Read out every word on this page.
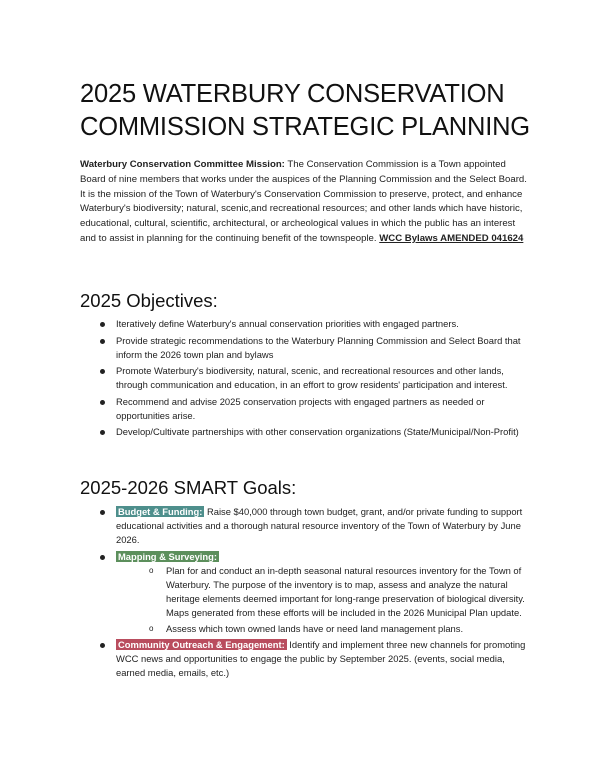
2025 WATERBURY CONSERVATION COMMISSION STRATEGIC PLANNING

Waterbury Conservation Committee Mission: The Conservation Commission is a Town appointed Board of nine members that works under the auspices of the Planning Commission and the Select Board. It is the mission of the Town of Waterbury's Conservation Commission to preserve, protect, and enhance Waterbury's biodiversity; natural, scenic,and recreational resources; and other lands which have historic, educational, cultural, scientific, architectural, or archeological values in which the public has an interest and to assist in planning for the continuing benefit of the townspeople. WCC Bylaws AMENDED 041624

2025 Objectives:
Iteratively define Waterbury's annual conservation priorities with engaged partners.
Provide strategic recommendations to the Waterbury Planning Commission and Select Board that inform the 2026 town plan and bylaws
Promote Waterbury's biodiversity, natural, scenic, and recreational resources and other lands, through communication and education, in an effort to grow residents' participation and interest.
Recommend and advise 2025 conservation projects with engaged partners as needed or opportunities arise.
Develop/Cultivate partnerships with other conservation organizations (State/Municipal/Non-Profit)
2025-2026 SMART Goals:
Budget & Funding: Raise $40,000 through town budget, grant, and/or private funding to support educational activities and a thorough natural resource inventory of the Town of Waterbury by June 2026.
Mapping & Surveying:
o Plan for and conduct an in-depth seasonal natural resources inventory for the Town of Waterbury. The purpose of the inventory is to map, assess and analyze the natural heritage elements deemed important for long-range preservation of biological diversity. Maps generated from these efforts will be included in the 2026 Municipal Plan update.
o Assess which town owned lands have or need land management plans.
Community Outreach & Engagement: Identify and implement three new channels for promoting WCC news and opportunities to engage the public by September 2025. (events, social media, earned media, emails, etc.)
